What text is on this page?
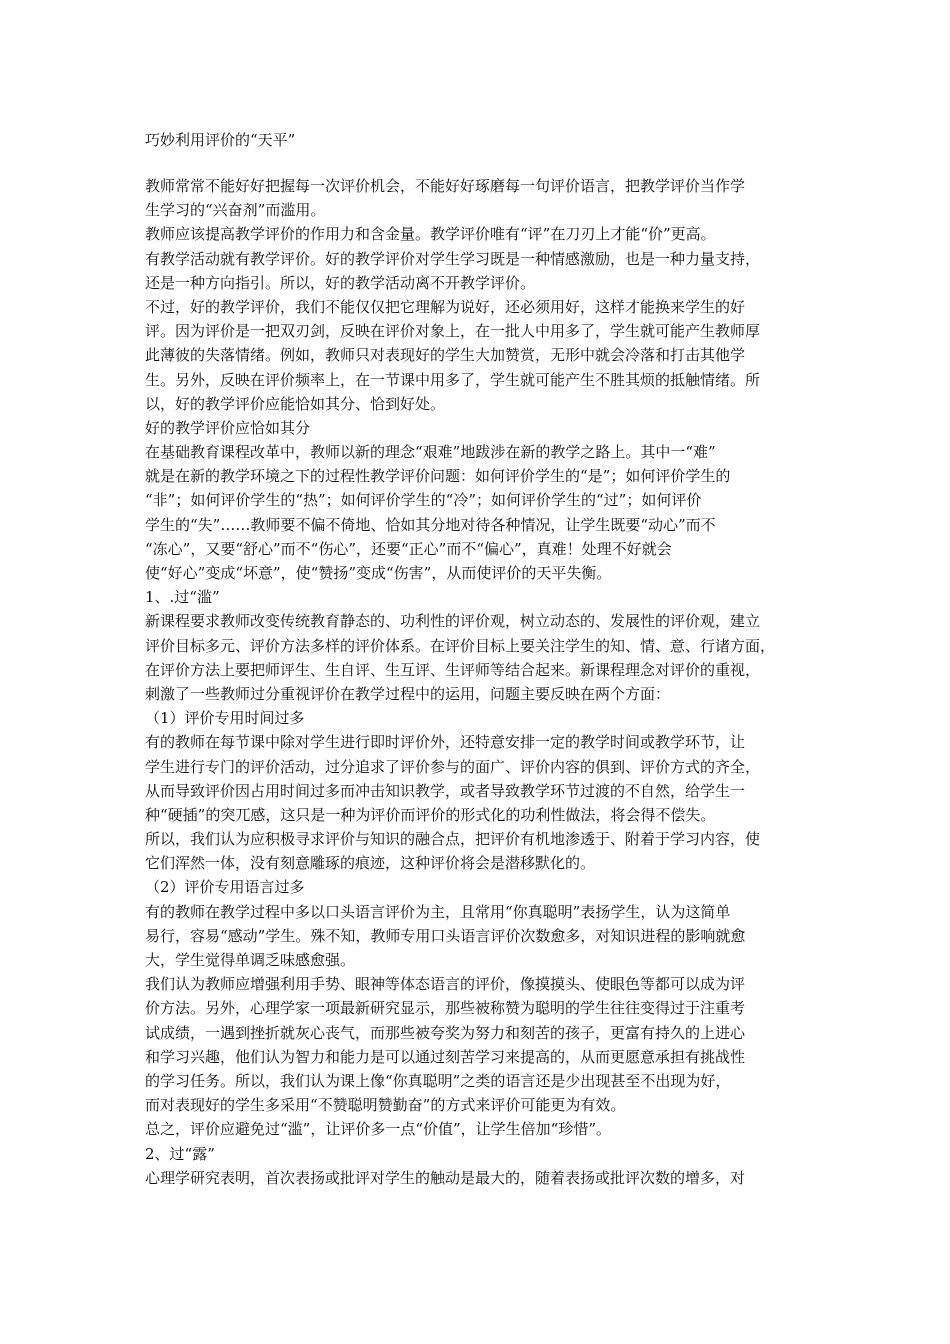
巧妙利用评价的“天平”
教师常常不能好好把握每一次评价机会，不能好好琢磨每一句评价语言，把教学评价当作学
生学习的“兴奋剂”而滥用。
教师应该提高教学评价的作用力和含金量。教学评价唯有“评”在刀刃上才能“价”更高。
有教学活动就有教学评价。好的教学评价对学生学习既是一种情感激励，也是一种力量支持，
还是一种方向指引。所以，好的教学活动离不开教学评价。
不过，好的教学评价，我们不能仅仅把它理解为说好，还必须用好，这样才能换来学生的好
评。因为评价是一把双刃剑，反映在评价对象上，在一批人中用多了，学生就可能产生教师厚
此薄彼的失落情绪。例如，教师只对表现好的学生大加赞赏，无形中就会冷落和打击其他学
生。另外，反映在评价频率上，在一节课中用多了，学生就可能产生不胜其烦的抵触情绪。所
以，好的教学评价应能恰如其分、恰到好处。
好的教学评价应恰如其分
在基础教育课程改革中，教师以新的理念“艰难”地跋涉在新的教学之路上。其中一“难”
就是在新的教学环境之下的过程性教学评价问题：如何评价学生的“是”；如何评价学生的
“非”；如何评价学生的“热”；如何评价学生的“冷”；如何评价学生的“过”；如何评价
学生的“失”……教师要不偏不倚地、恰如其分地对待各种情况，让学生既要“动心”而不
“冻心”，又要“舒心”而不“伤心”，还要“正心”而不“偏心”，真难！处理不好就会
使“好心”变成“坏意”，使“赞扬”变成“伤害”，从而使评价的天平失衡。
1、.过“滥”
新课程要求教师改变传统教育静态的、功利性的评价观，树立动态的、发展性的评价观，建立
评价目标多元、评价方法多样的评价体系。在评价目标上要关注学生的知、情、意、行诸方面，
在评价方法上要把师评生、生自评、生互评、生评师等结合起来。新课程理念对评价的重视，
刺激了一些教师过分重视评价在教学过程中的运用，问题主要反映在两个方面：
（1）评价专用时间过多
有的教师在每节课中除对学生进行即时评价外，还特意安排一定的教学时间或教学环节，让
学生进行专门的评价活动，过分追求了评价参与的面广、评价内容的俱到、评价方式的齐全，
从而导致评价因占用时间过多而冲击知识教学，或者导致教学环节过渡的不自然，给学生一
种“硬插”的突兀感，这只是一种为评价而评价的形式化的功利性做法，将会得不偿失。
所以，我们认为应积极寻求评价与知识的融合点，把评价有机地渗透于、附着于学习内容，使
它们浑然一体，没有刻意雕琢的痕迹，这种评价将会是潜移默化的。
（2）评价专用语言过多
有的教师在教学过程中多以口头语言评价为主，且常用“你真聪明”表扬学生，认为这简单
易行，容易“感动”学生。殊不知，教师专用口头语言评价次数愈多，对知识进程的影响就愈
大，学生觉得单调乏味感愈强。
我们认为教师应增强利用手势、眼神等体态语言的评价，像摸摸头、使眼色等都可以成为评
价方法。另外，心理学家一项最新研究显示，那些被称赞为聪明的学生往往变得过于注重考
试成绩，一遇到挫折就灰心丧气，而那些被夸奖为努力和刻苦的孩子，更富有持久的上进心
和学习兴趣，他们认为智力和能力是可以通过刻苦学习来提高的，从而更愿意承担有挑战性
的学习任务。所以，我们认为课上像“你真聪明”之类的语言还是少出现甚至不出现为好，
而对表现好的学生多采用“不赞聪明赞勤奋”的方式来评价可能更为有效。
总之，评价应避免过“滥”，让评价多一点“价值”，让学生倍加“珍惜”。
2、过“露”
心理学研究表明，首次表扬或批评对学生的触动是最大的，随着表扬或批评次数的增多，对
